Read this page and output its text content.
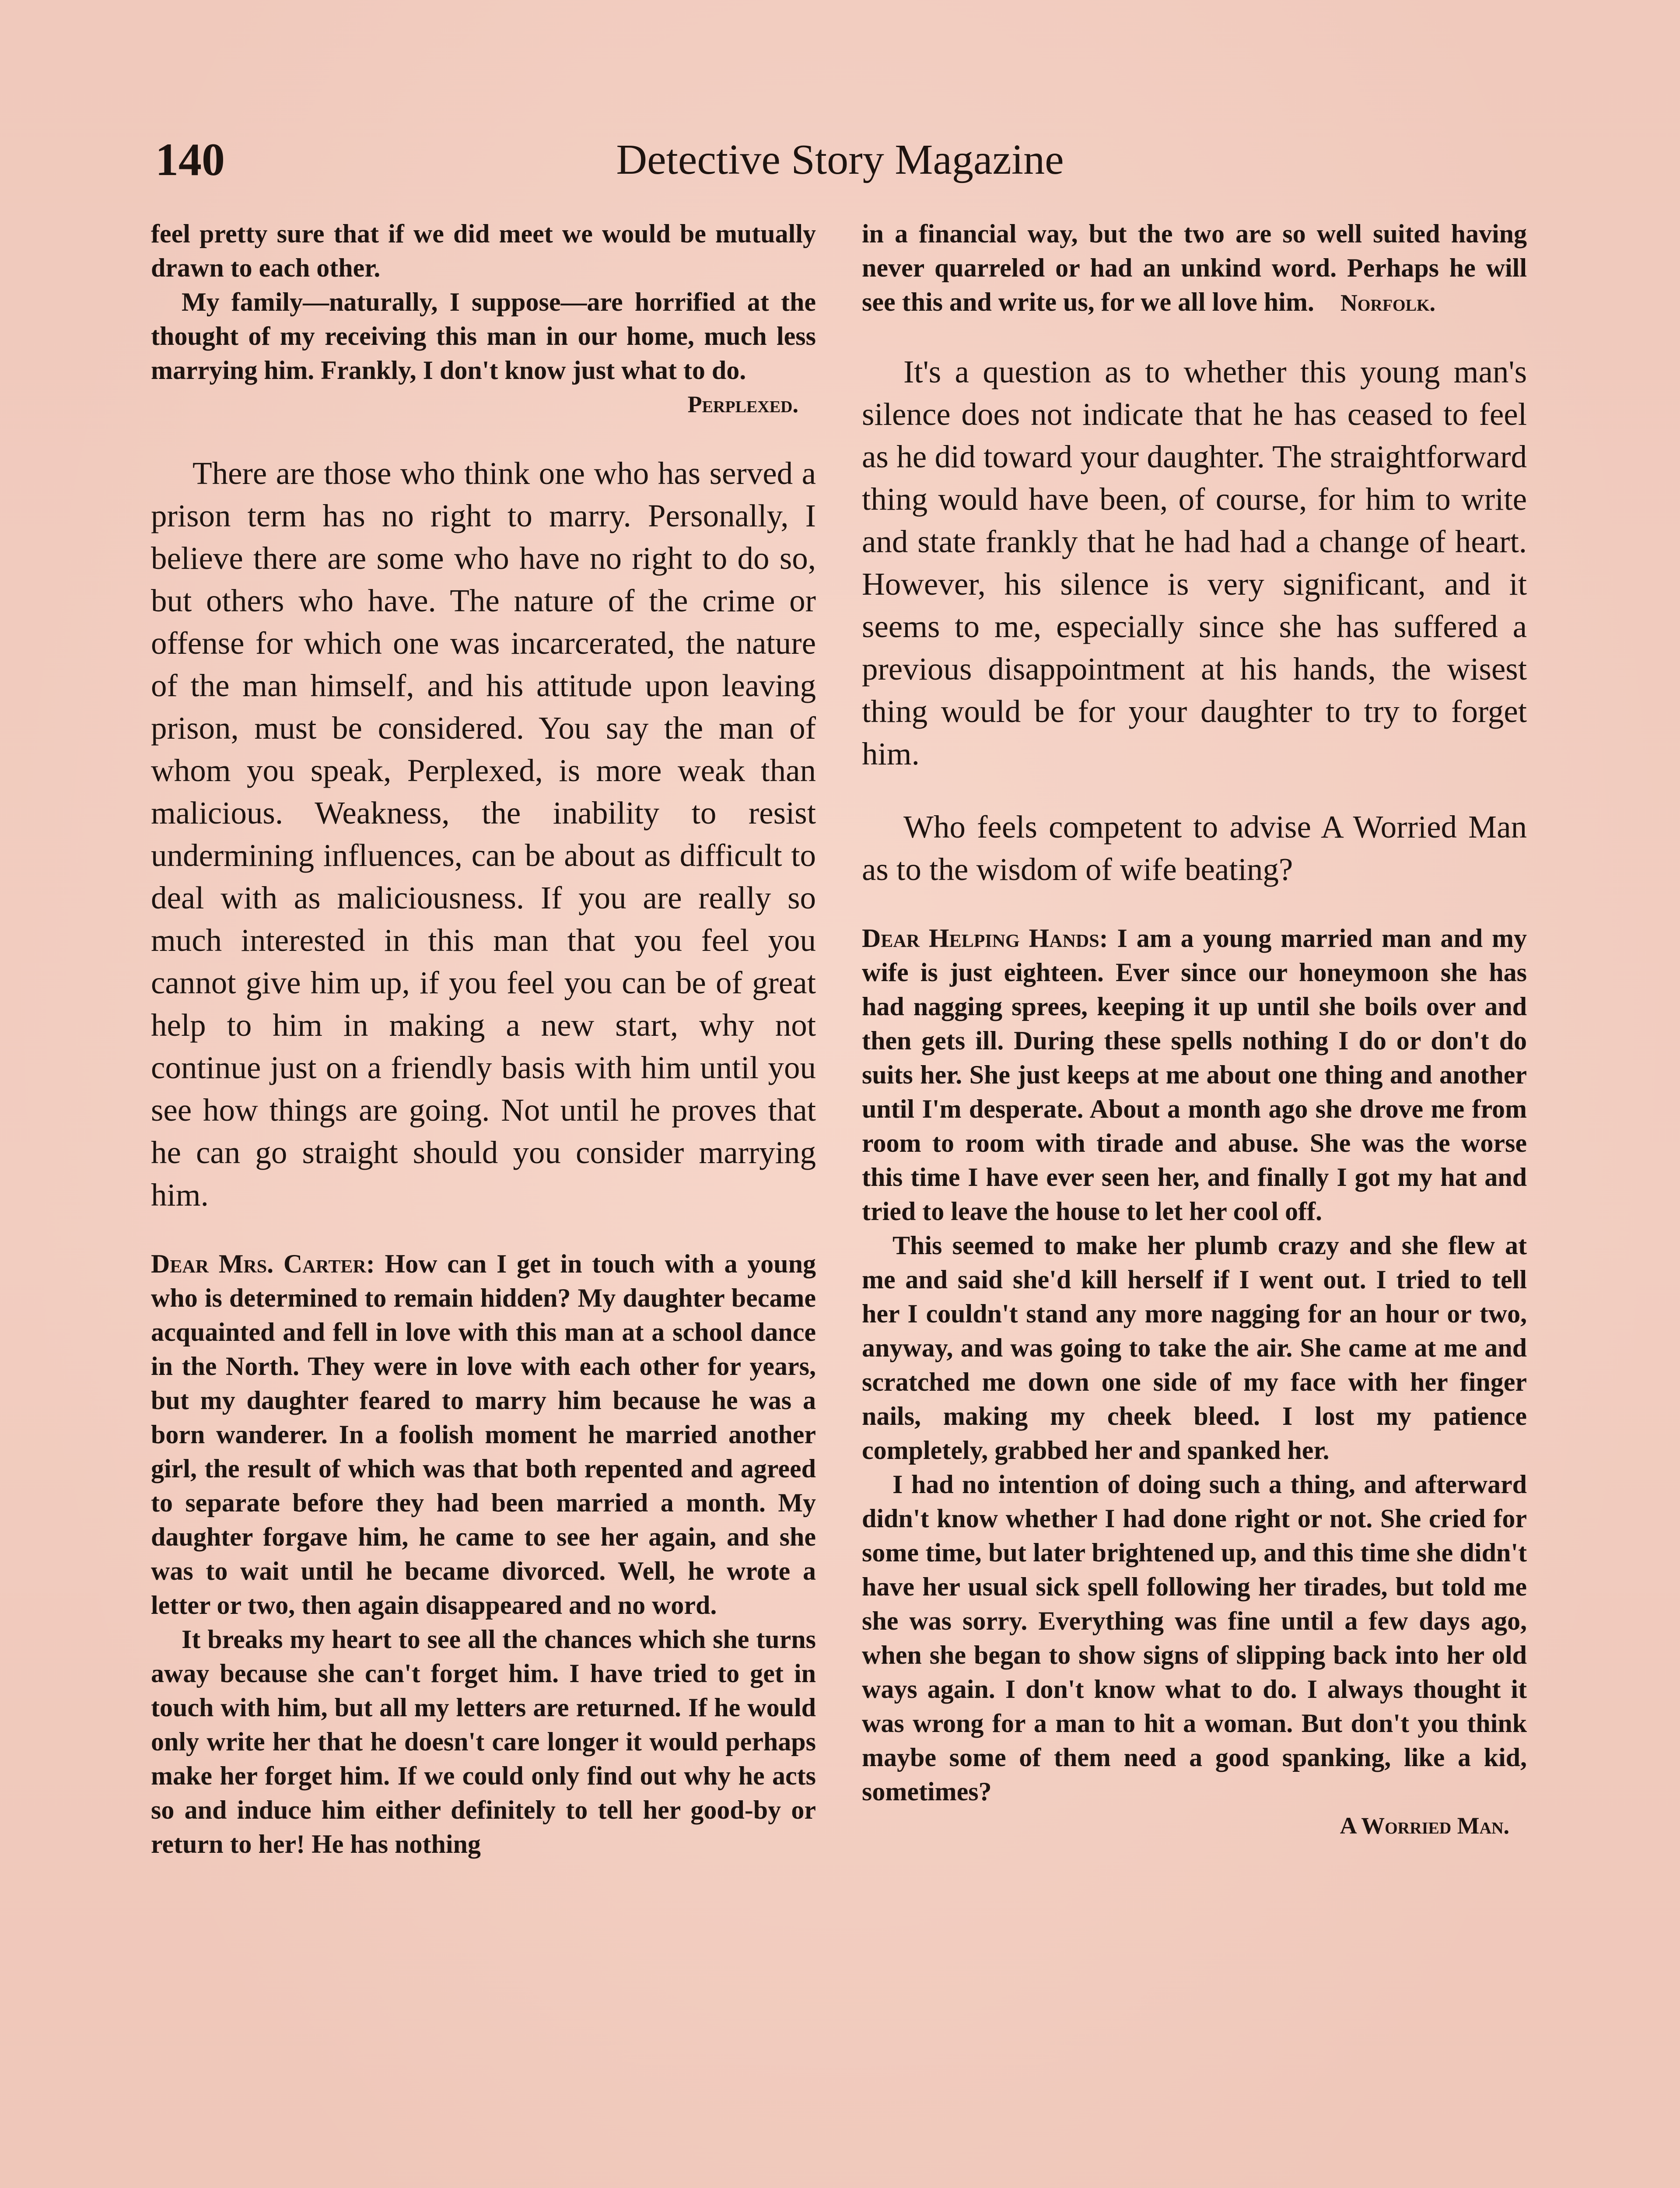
140	Detective Story Magazine

feel pretty sure that if we did meet we would be mutually drawn to each other.

My family—naturally, I suppose—are horrified at the thought of my receiving this man in our home, much less marrying him. Frankly, I don't know just what to do.

Perplexed.

There are those who think one who has served a prison term has no right to marry. Personally, I believe there are some who have no right to do so, but others who have. The nature of the crime or offense for which one was incarcerated, the nature of the man himself, and his attitude upon leaving prison, must be considered. You say the man of whom you speak, Perplexed, is more weak than malicious. Weakness, the inability to resist undermining influences, can be about as difficult to deal with as maliciousness. If you are really so much interested in this man that you feel you cannot give him up, if you feel you can be of great help to him in making a new start, why not continue just on a friendly basis with him until you see how things are going. Not until he proves that he can go straight should you consider marrying him.

Dear Mrs. Carter: How can I get in touch with a young who is determined to remain hidden? My daughter became acquainted and fell in love with this man at a school dance in the North. They were in love with each other for years, but my daughter feared to marry him because he was a born wanderer. In a foolish moment he married another girl, the result of which was that both repented and agreed to separate before they had been married a month. My daughter forgave him, he came to see her again, and she was to wait until he became divorced. Well, he wrote a letter or two, then again disappeared and no word.

It breaks my heart to see all the chances which she turns away because she can't forget him. I have tried to get in touch with him, but all my letters are returned. If he would only write her that he doesn't care longer it would perhaps make her forget him. If we could only find out why he acts so and induce him either definitely to tell her good-by or return to her! He has nothing

in a financial way, but the two are so well suited having never quarreled or had an unkind word. Perhaps he will see this and write us, for we all love him. Norfolk.

It's a question as to whether this young man's silence does not indicate that he has ceased to feel as he did toward your daughter. The straightforward thing would have been, of course, for him to write and state frankly that he had had a change of heart. However, his silence is very significant, and it seems to me, especially since she has suffered a previous disappointment at his hands, the wisest thing would be for your daughter to try to forget him.

Who feels competent to advise A Worried Man as to the wisdom of wife beating?

Dear Helping Hands: I am a young married man and my wife is just eighteen. Ever since our honeymoon she has had nagging sprees, keeping it up until she boils over and then gets ill. During these spells nothing I do or don't do suits her. She just keeps at me about one thing and another until I'm desperate. About a month ago she drove me from room to room with tirade and abuse. She was the worse this time I have ever seen her, and finally I got my hat and tried to leave the house to let her cool off.

This seemed to make her plumb crazy and she flew at me and said she'd kill herself if I went out. I tried to tell her I couldn't stand any more nagging for an hour or two, anyway, and was going to take the air. She came at me and scratched me down one side of my face with her finger nails, making my cheek bleed. I lost my patience completely, grabbed her and spanked her.

I had no intention of doing such a thing, and afterward didn't know whether I had done right or not. She cried for some time, but later brightened up, and this time she didn't have her usual sick spell following her tirades, but told me she was sorry. Everything was fine until a few days ago, when she began to show signs of slipping back into her old ways again. I don't know what to do. I always thought it was wrong for a man to hit a woman. But don't you think maybe some of them need a good spanking, like a kid, sometimes?

A Worried Man.
